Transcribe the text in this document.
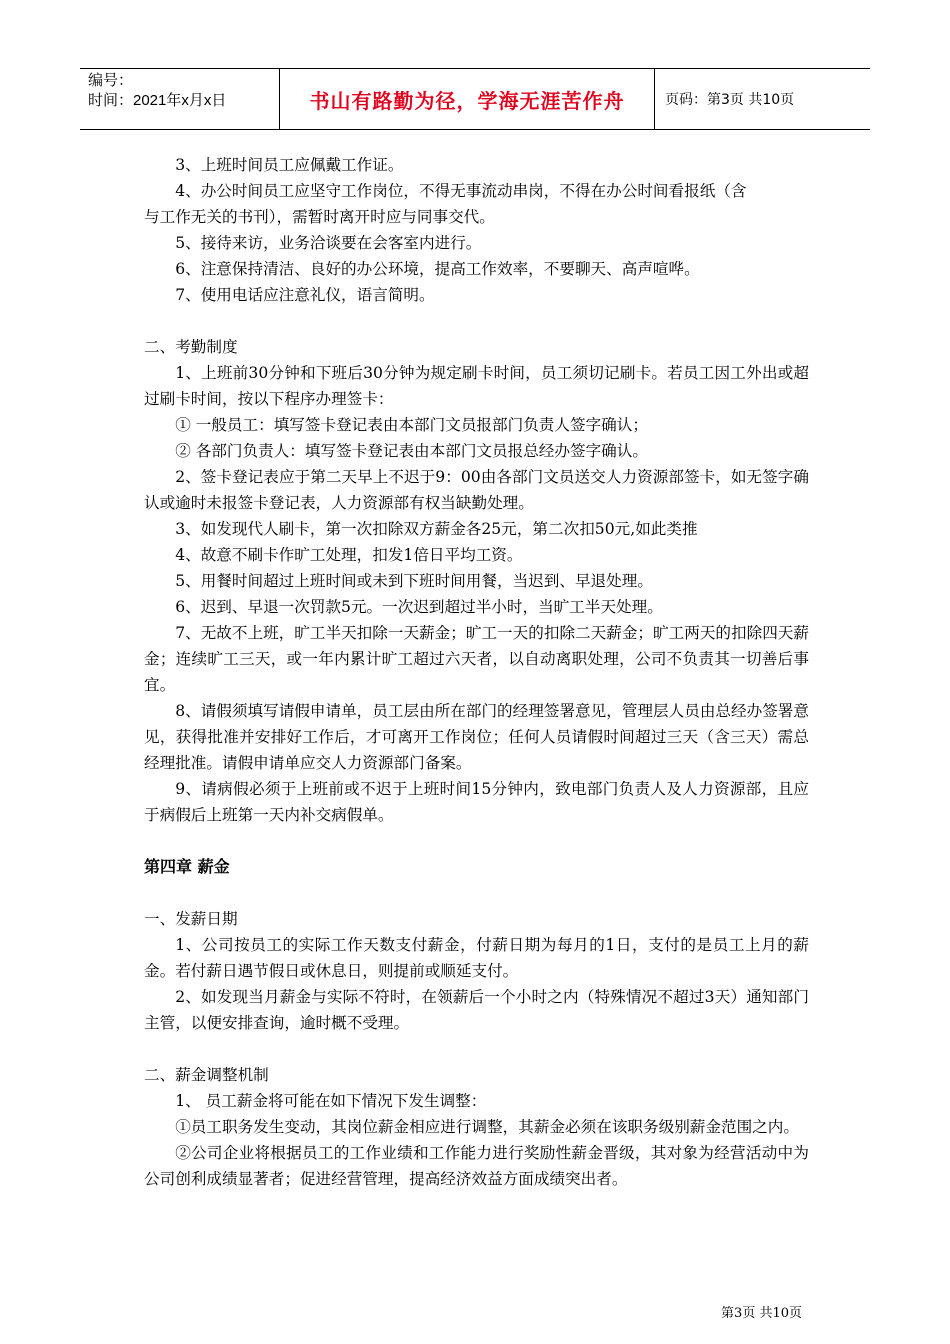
编号：
时间：2021年x月x日	书山有路勤为径，学海无涯苦作舟	页码：第3页 共10页

3、上班时间员工应佩戴工作证。

4、办公时间员工应坚守工作岗位，不得无事流动串岗，不得在办公时间看报纸（含

与工作无关的书刊），需暂时离开时应与同事交代。

5、接待来访，业务洽谈要在会客室内进行。

6、注意保持清洁、良好的办公环境，提高工作效率，不要聊天、高声喧哗。

7、使用电话应注意礼仪，语言简明。

二、考勤制度

1、上班前30分钟和下班后30分钟为规定刷卡时间，员工须切记刷卡。若员工因工外出或超过刷卡时间，按以下程序办理签卡：

① 一般员工：填写签卡登记表由本部门文员报部门负责人签字确认；

② 各部门负责人：填写签卡登记表由本部门文员报总经办签字确认。

2、签卡登记表应于第二天早上不迟于9：00由各部门文员送交人力资源部签卡，如无签字确认或逾时未报签卡登记表，人力资源部有权当缺勤处理。

3、如发现代人刷卡，第一次扣除双方薪金各25元，第二次扣50元,如此类推

4、故意不刷卡作旷工处理，扣发1倍日平均工资。

5、用餐时间超过上班时间或未到下班时间用餐，当迟到、早退处理。

6、迟到、早退一次罚款5元。一次迟到超过半小时，当旷工半天处理。

7、无故不上班，旷工半天扣除一天薪金；旷工一天的扣除二天薪金；旷工两天的扣除四天薪金；连续旷工三天，或一年内累计旷工超过六天者，以自动离职处理，公司不负责其一切善后事宜。

8、请假须填写请假申请单，员工层由所在部门的经理签署意见，管理层人员由总经办签署意见，获得批准并安排好工作后，才可离开工作岗位；任何人员请假时间超过三天（含三天）需总经理批准。请假申请单应交人力资源部门备案。

9、请病假必须于上班前或不迟于上班时间15分钟内，致电部门负责人及人力资源部，且应于病假后上班第一天内补交病假单。

第四章 薪金

一、发薪日期

1、公司按员工的实际工作天数支付薪金，付薪日期为每月的1日，支付的是员工上月的薪金。若付薪日遇节假日或休息日，则提前或顺延支付。

2、如发现当月薪金与实际不符时，在领薪后一个小时之内（特殊情况不超过3天）通知部门主管，以便安排查询，逾时概不受理。

二、薪金调整机制

1、 员工薪金将可能在如下情况下发生调整：

①员工职务发生变动，其岗位薪金相应进行调整，其薪金必须在该职务级别薪金范围之内。

②公司企业将根据员工的工作业绩和工作能力进行奖励性薪金晋级，其对象为经营活动中为公司创利成绩显著者；促进经营管理，提高经济效益方面成绩突出者。

第3页 共10页
